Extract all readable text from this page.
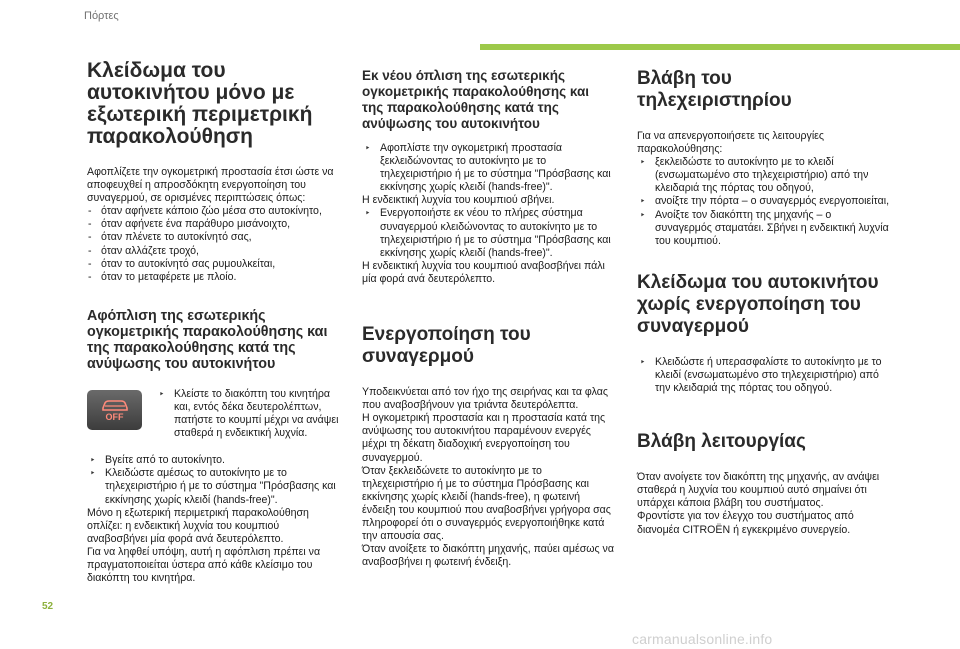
Πόρτες
Κλείδωμα του αυτοκινήτου μόνο με εξωτερική περιμετρική παρακολούθηση

Αφοπλίζετε την ογκομετρική προστασία έτσι ώστε να αποφευχθεί η απροσδόκητη ενεργοποίηση του συναγερμού, σε ορισμένες περιπτώσεις όπως:

- όταν αφήνετε κάποιο ζώο μέσα στο αυτοκίνητο,
- όταν αφήνετε ένα παράθυρο μισάνοιχτο,
- όταν πλένετε το αυτοκίνητό σας,
- όταν αλλάζετε τροχό,
- όταν το αυτοκίνητό σας ρυμουλκείται,
- όταν το μεταφέρετε με πλοίο.
Αφόπλιση της εσωτερικής ογκομετρικής παρακολούθησης και της παρακολούθησης κατά της ανύψωσης του αυτοκινήτου
OFF
‣ Κλείστε το διακόπτη του κινητήρα και, εντός δέκα δευτερολέπτων, πατήστε το κουμπί μέχρι να ανάψει σταθερά η ενδεικτική λυχνία.
‣ Βγείτε από το αυτοκίνητο.
‣ Κλειδώστε αμέσως το αυτοκίνητο με το τηλεχειριστήριο ή με το σύστημα "Πρόσβασης και εκκίνησης χωρίς κλειδί (hands-free)".

Μόνο η εξωτερική περιμετρική παρακολούθηση οπλίζει: η ενδεικτική λυχνία του κουμπιού αναβοσβήνει μία φορά ανά δευτερόλεπτο.

Για να ληφθεί υπόψη, αυτή η αφόπλιση πρέπει να πραγματοποιείται ύστερα από κάθε κλείσιμο του διακόπτη του κινητήρα.

Εκ νέου όπλιση της εσωτερικής ογκομετρικής παρακολούθησης και της παρακολούθησης κατά της ανύψωσης του αυτοκινήτου
‣ Αφοπλίστε την ογκομετρική προστασία ξεκλειδώνοντας το αυτοκίνητο με το τηλεχειριστήριο ή με το σύστημα "Πρόσβασης και εκκίνησης χωρίς κλειδί (hands-free)".

Η ενδεικτική λυχνία του κουμπιού σβήνει.

‣ Ενεργοποιήστε εκ νέου το πλήρες σύστημα συναγερμού κλειδώνοντας το αυτοκίνητο με το τηλεχειριστήριο ή με το σύστημα "Πρόσβασης και εκκίνησης χωρίς κλειδί (hands-free)".

Η ενδεικτική λυχνία του κουμπιού αναβοσβήνει πάλι μία φορά ανά δευτερόλεπτο.

Ενεργοποίηση του συναγερμού

Υποδεικνύεται από τον ήχο της σειρήνας και τα φλας που αναβοσβήνουν για τριάντα δευτερόλεπτα.

Η ογκομετρική προστασία και η προστασία κατά της ανύψωσης του αυτοκινήτου παραμένουν ενεργές μέχρι τη δέκατη διαδοχική ενεργοποίηση του συναγερμού.

Όταν ξεκλειδώνετε το αυτοκίνητο με το τηλεχειριστήριο ή με το σύστημα Πρόσβασης και εκκίνησης χωρίς κλειδί (hands-free), η φωτεινή ένδειξη του κουμπιού που αναβοσβήνει γρήγορα σας πληροφορεί ότι ο συναγερμός ενεργοποιήθηκε κατά την απουσία σας.

Όταν ανοίξετε το διακόπτη μηχανής, παύει αμέσως να αναβοσβήνει η φωτεινή ένδειξη.

Βλάβη του τηλεχειριστηρίου

Για να απενεργοποιήσετε τις λειτουργίες παρακολούθησης:

‣ ξεκλειδώστε το αυτοκίνητο με το κλειδί (ενσωματωμένο στο τηλεχειριστήριο) από την κλειδαριά της πόρτας του οδηγού,
‣ ανοίξτε την πόρτα – ο συναγερμός ενεργοποιείται,
‣ Ανοίξτε τον διακόπτη της μηχανής – ο συναγερμός σταματάει. Σβήνει η ενδεικτική λυχνία του κουμπιού.
Κλείδωμα του αυτοκινήτου χωρίς ενεργοποίηση του συναγερμού
‣ Κλειδώστε ή υπερασφαλίστε το αυτοκίνητο με το κλειδί (ενσωματωμένο στο τηλεχειριστήριο) από την κλειδαριά της πόρτας του οδηγού.
Βλάβη λειτουργίας

Όταν ανοίγετε τον διακόπτη της μηχανής, αν ανάψει σταθερά η λυχνία του κουμπιού αυτό σημαίνει ότι υπάρχει κάποια βλάβη του συστήματος.

Φροντίστε για τον έλεγχο του συστήματος από διανομέα CITROËN ή εγκεκριμένο συνεργείο.

52
carmanualsonline.info
